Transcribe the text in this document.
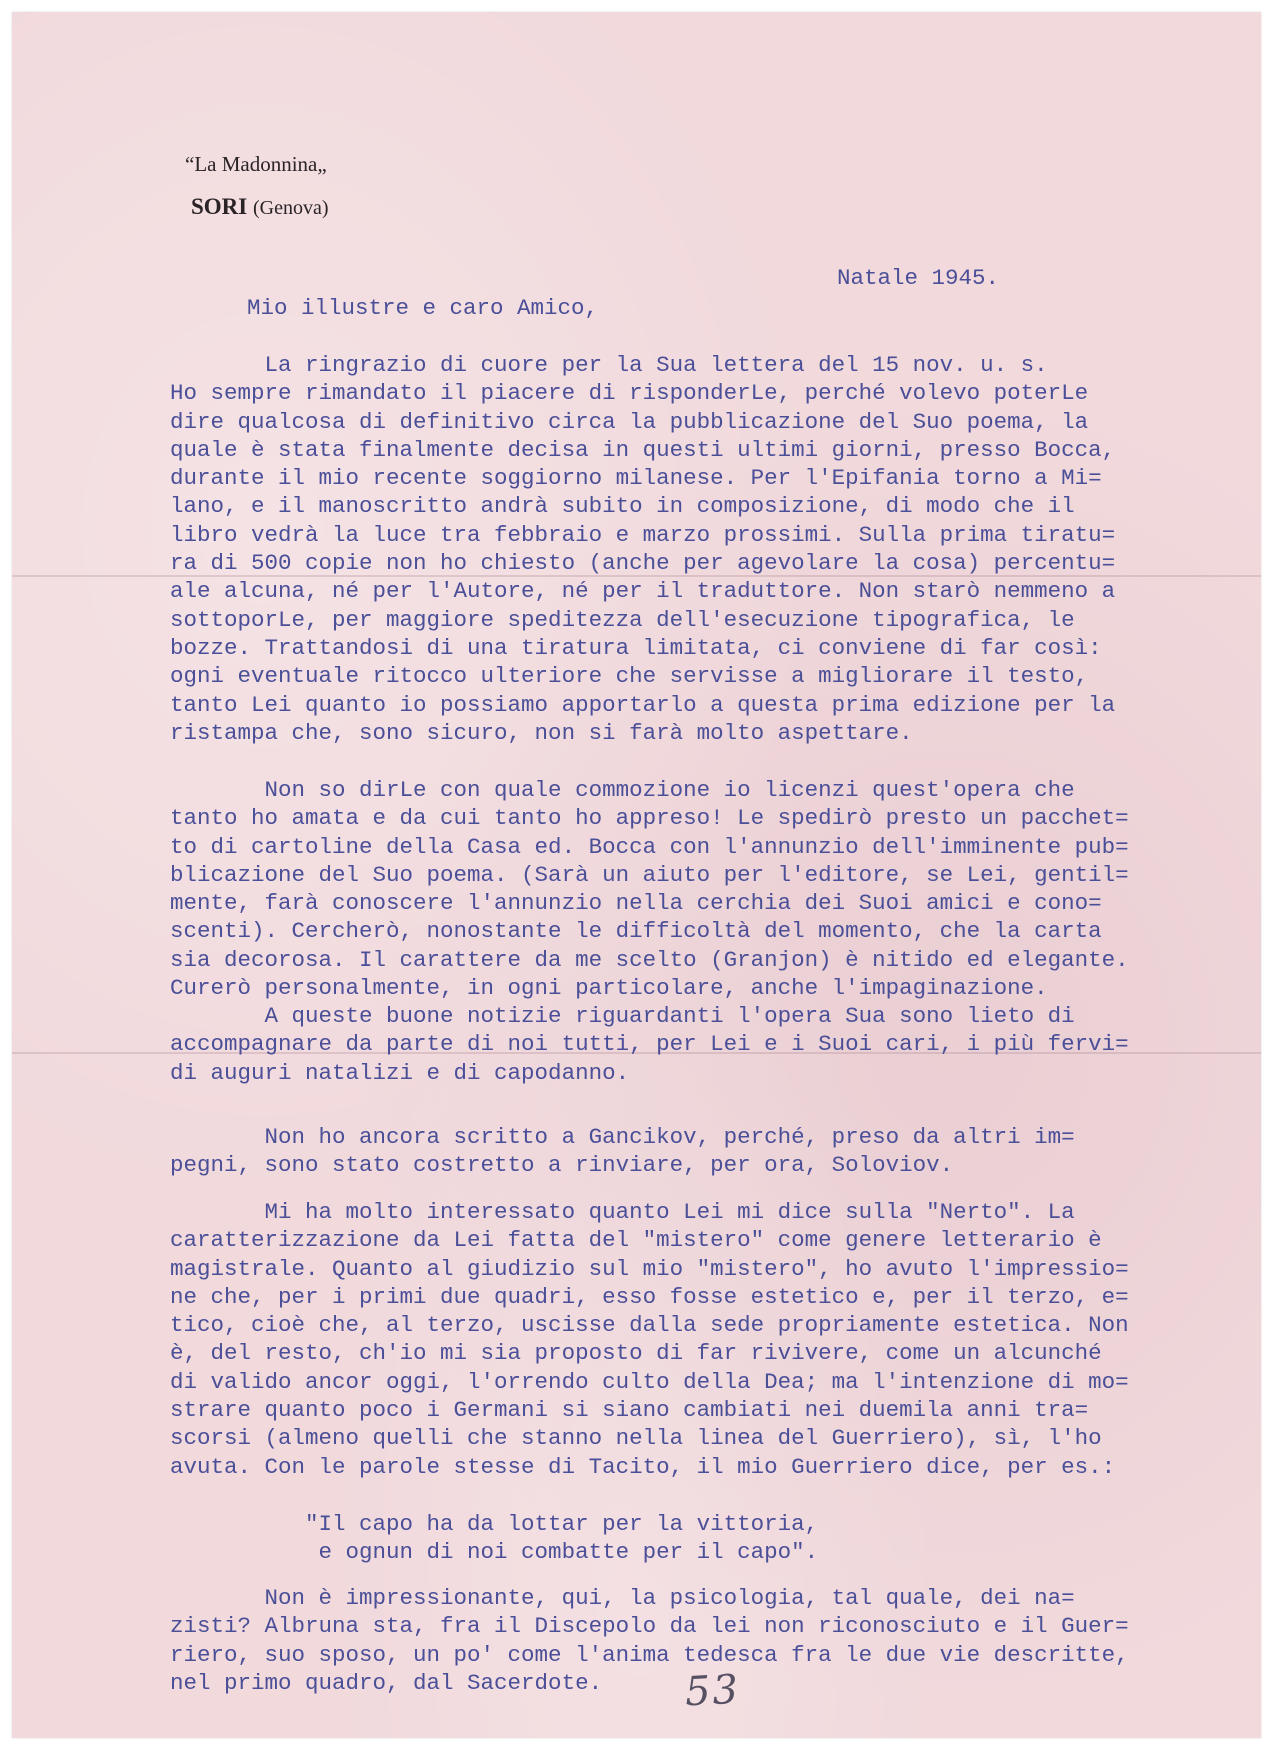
“La Madonnina„
SORI (Genova)
Natale 1945.
Mio illustre e caro Amico,
La ringrazio di cuore per la Sua lettera del 15 nov. u. s.
Ho sempre rimandato il piacere di risponderLe, perché volevo poterLe
dire qualcosa di definitivo circa la pubblicazione del Suo poema, la
quale è stata finalmente decisa in questi ultimi giorni, presso Bocca,
durante il mio recente soggiorno milanese. Per l'Epifania torno a Mi=
lano, e il manoscritto andrà subito in composizione, di modo che il
libro vedrà la luce tra febbraio e marzo prossimi. Sulla prima tiratu=
ra di 500 copie non ho chiesto (anche per agevolare la cosa) percentu=
ale alcuna, né per l'Autore, né per il traduttore. Non starò nemmeno a
sottoporLe, per maggiore speditezza dell'esecuzione tipografica, le
bozze. Trattandosi di una tiratura limitata, ci conviene di far così:
ogni eventuale ritocco ulteriore che servisse a migliorare il testo,
tanto Lei quanto io possiamo apportarlo a questa prima edizione per la
ristampa che, sono sicuro, non si farà molto aspettare.
Non so dirLe con quale commozione io licenzi quest'opera che
tanto ho amata e da cui tanto ho appreso! Le spedirò presto un pacchet=
to di cartoline della Casa ed. Bocca con l'annunzio dell'imminente pub=
blicazione del Suo poema. (Sarà un aiuto per l'editore, se Lei, gentil=
mente, farà conoscere l'annunzio nella cerchia dei Suoi amici e cono=
scenti). Cercherò, nonostante le difficoltà del momento, che la carta
sia decorosa. Il carattere da me scelto (Granjon) è nitido ed elegante.
Curerò personalmente, in ogni particolare, anche l'impaginazione.
A queste buone notizie riguardanti l'opera Sua sono lieto di
accompagnare da parte di noi tutti, per Lei e i Suoi cari, i più fervi=
di auguri natalizi e di capodanno.
Non ho ancora scritto a Gancikov, perché, preso da altri im=
pegni, sono stato costretto a rinviare, per ora, Soloviov.
Mi ha molto interessato quanto Lei mi dice sulla "Nerto". La
caratterizzazione da Lei fatta del "mistero" come genere letterario è
magistrale. Quanto al giudizio sul mio "mistero", ho avuto l'impressio=
ne che, per i primi due quadri, esso fosse estetico e, per il terzo, e=
tico, cioè che, al terzo, uscisse dalla sede propriamente estetica. Non
è, del resto, ch'io mi sia proposto di far rivivere, come un alcunché
di valido ancor oggi, l'orrendo culto della Dea; ma l'intenzione di mo=
strare quanto poco i Germani si siano cambiati nei duemila anni tra=
scorsi (almeno quelli che stanno nella linea del Guerriero), sì, l'ho
avuta. Con le parole stesse di Tacito, il mio Guerriero dice, per es.:
"Il capo ha da lottar per la vittoria,
e ognun di noi combatte per il capo".
Non è impressionante, qui, la psicologia, tal quale, dei na=
zisti? Albruna sta, fra il Discepolo da lei non riconosciuto e il Guer=
riero, suo sposo, un po' come l'anima tedesca fra le due vie descritte,
nel primo quadro, dal Sacerdote.	53
